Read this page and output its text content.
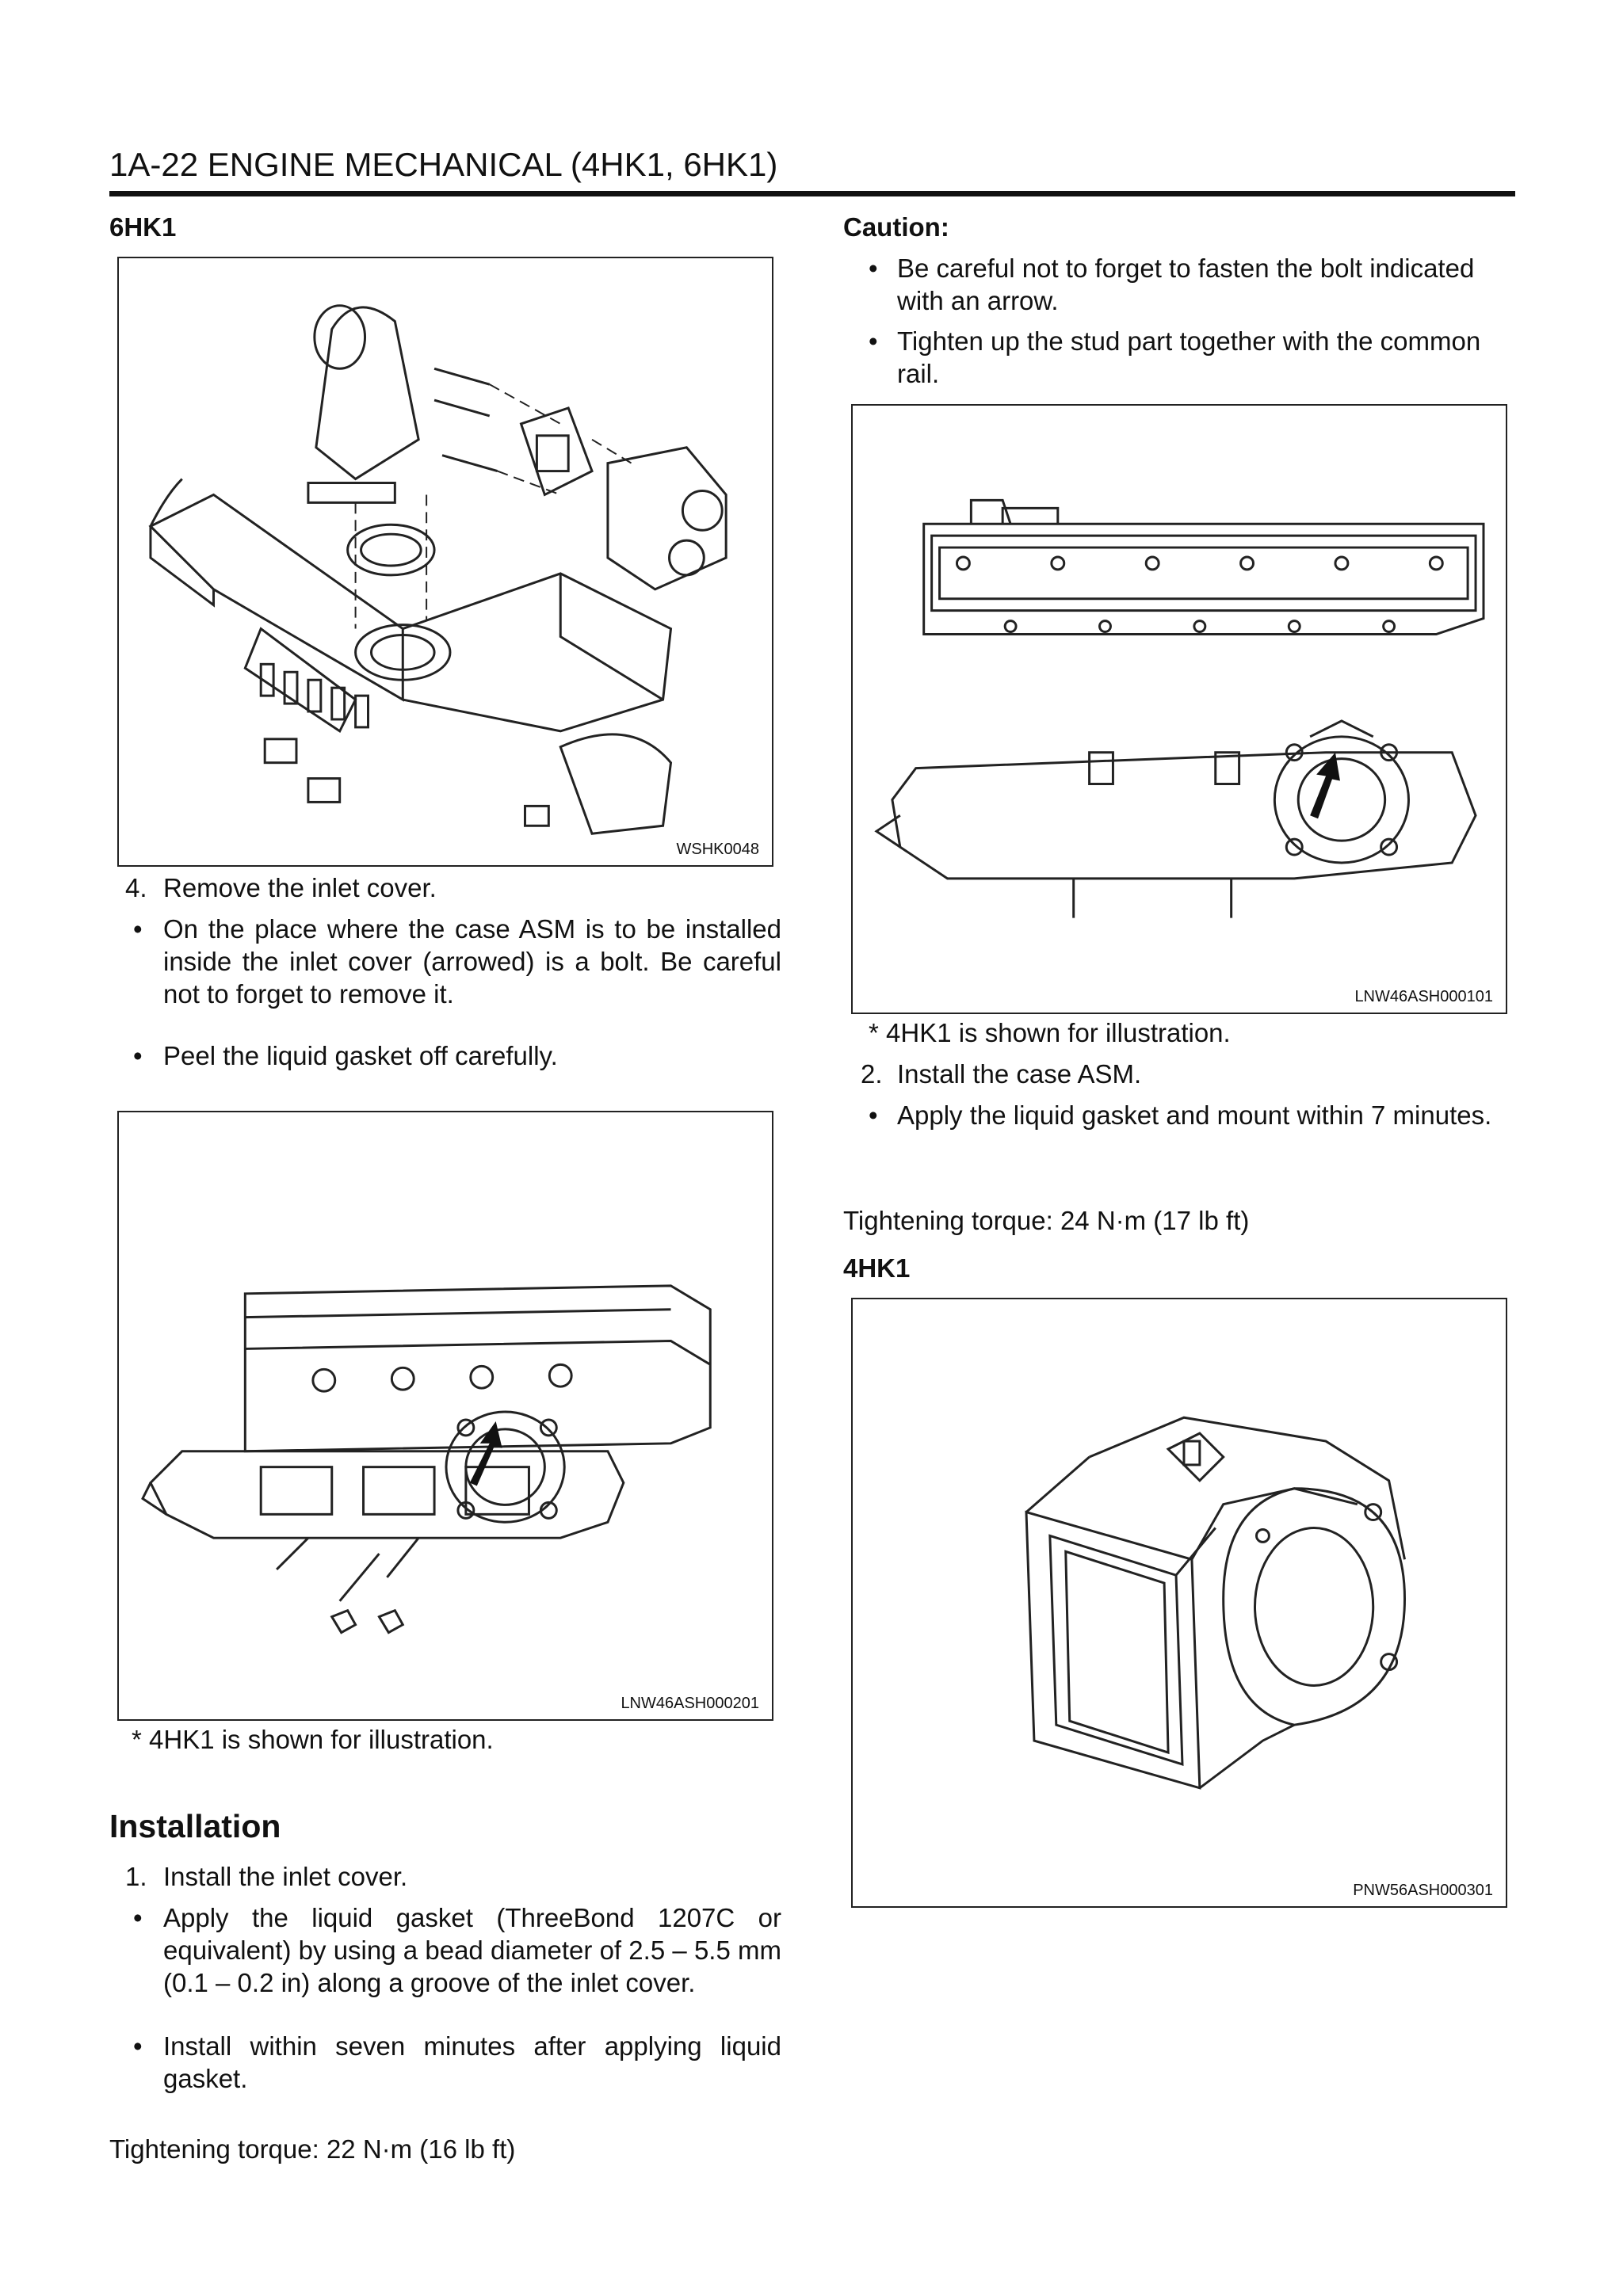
1A-22 ENGINE MECHANICAL (4HK1, 6HK1)
6HK1
WSHK0048
4. Remove the inlet cover.
• On the place where the case ASM is to be installed inside the inlet cover (arrowed) is a bolt. Be careful not to forget to remove it.
• Peel the liquid gasket off carefully.
LNW46ASH000201
* 4HK1 is shown for illustration.
Installation
1. Install the inlet cover.
• Apply the liquid gasket (ThreeBond 1207C or equivalent) by using a bead diameter of 2.5 – 5.5 mm (0.1 – 0.2 in) along a groove of the inlet cover.
• Install within seven minutes after applying liquid gasket.
Tightening torque: 22 N·m (16 lb ft)
Caution:
• Be careful not to forget to fasten the bolt indicated with an arrow.
• Tighten up the stud part together with the common rail.
LNW46ASH000101
* 4HK1 is shown for illustration.
2. Install the case ASM.
• Apply the liquid gasket and mount within 7 minutes.
Tightening torque: 24 N·m (17 lb ft)
4HK1
PNW56ASH000301
